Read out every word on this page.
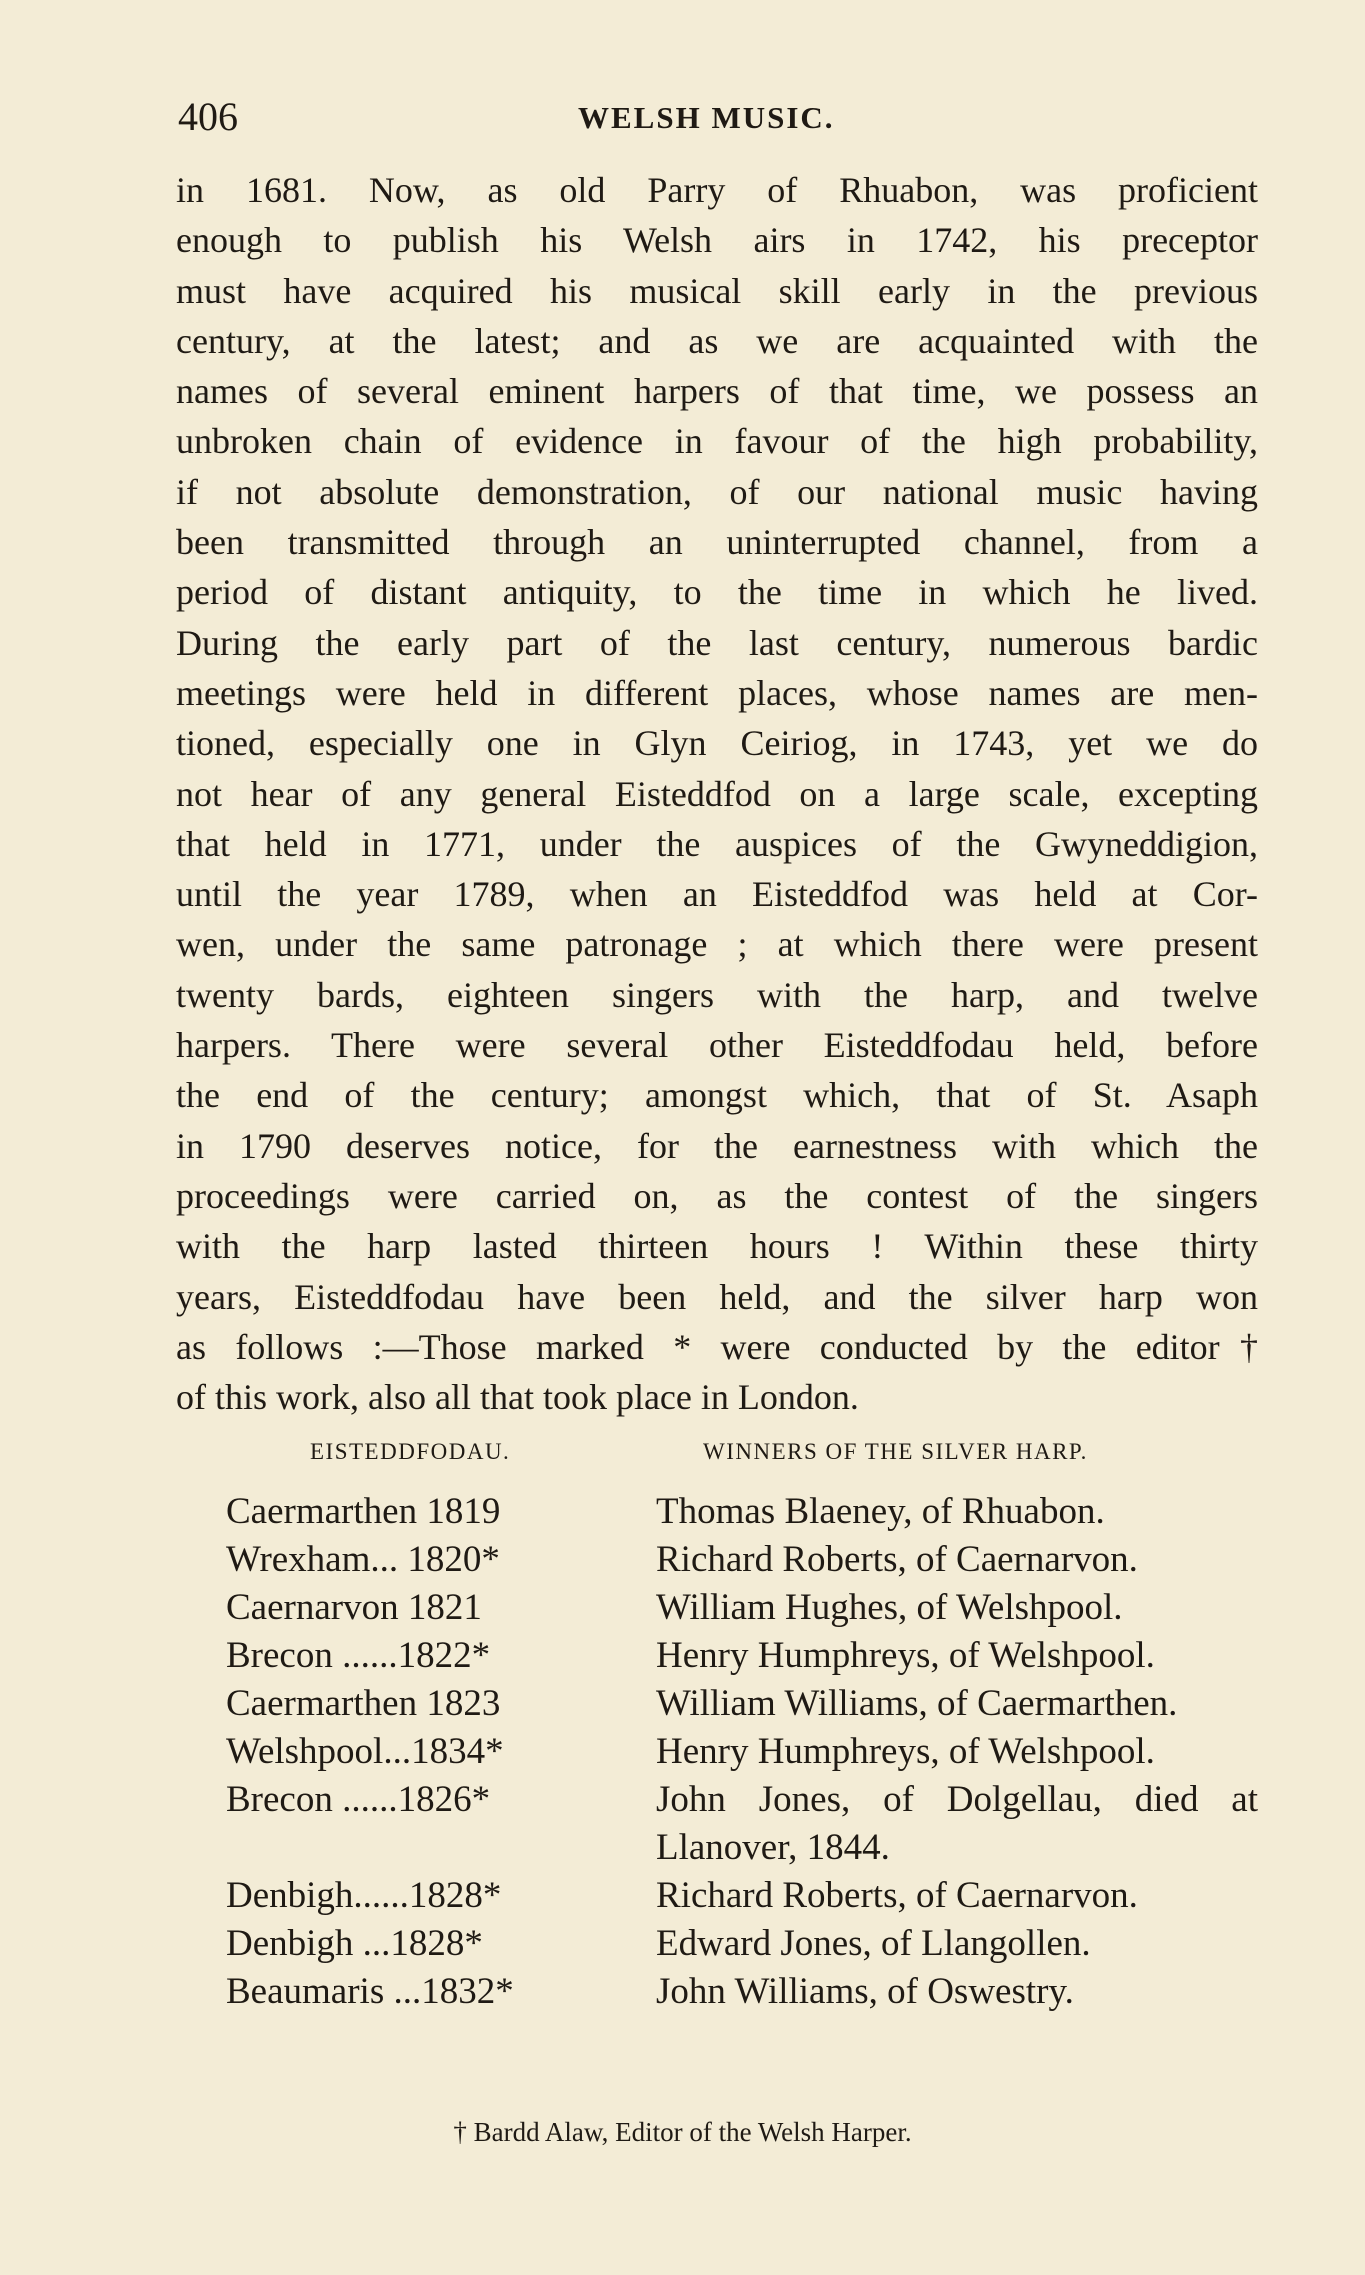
406	WELSH MUSIC.
in 1681. Now, as old Parry of Rhuabon, was proficient
enough to publish his Welsh airs in 1742, his preceptor
must have acquired his musical skill early in the previous
century, at the latest; and as we are acquainted with the
names of several eminent harpers of that time, we possess an
unbroken chain of evidence in favour of the high probability,
if not absolute demonstration, of our national music having
been transmitted through an uninterrupted channel, from a
period of distant antiquity, to the time in which he lived.
During the early part of the last century, numerous bardic
meetings were held in different places, whose names are men-
tioned, especially one in Glyn Ceiriog, in 1743, yet we do
not hear of any general Eisteddfod on a large scale, excepting
that held in 1771, under the auspices of the Gwyneddigion,
until the year 1789, when an Eisteddfod was held at Cor-
wen, under the same patronage ; at which there were present
twenty bards, eighteen singers with the harp, and twelve
harpers. There were several other Eisteddfodau held, before
the end of the century; amongst which, that of St. Asaph
in 1790 deserves notice, for the earnestness with which the
proceedings were carried on, as the contest of the singers
with the harp lasted thirteen hours ! Within these thirty
years, Eisteddfodau have been held, and the silver harp won
as follows :—Those marked * were conducted by the editor†
of this work, also all that took place in London.
EISTEDDFODAU.	WINNERS OF THE SILVER HARP.
Caermarthen 1819	Thomas Blaeney, of Rhuabon.
Wrexham... 1820*	Richard Roberts, of Caernarvon.
Caernarvon 1821	William Hughes, of Welshpool.
Brecon ......1822*	Henry Humphreys, of Welshpool.
Caermarthen 1823	William Williams, of Caermarthen.
Welshpool...1834*	Henry Humphreys, of Welshpool.
Brecon ......1826*	John Jones, of Dolgellau, died at Llanover, 1844.
Denbigh......1828*	Richard Roberts, of Caernarvon.
Denbigh ...1828*	Edward Jones, of Llangollen.
Beaumaris ...1832*	John Williams, of Oswestry.
† Bardd Alaw, Editor of the Welsh Harper.
